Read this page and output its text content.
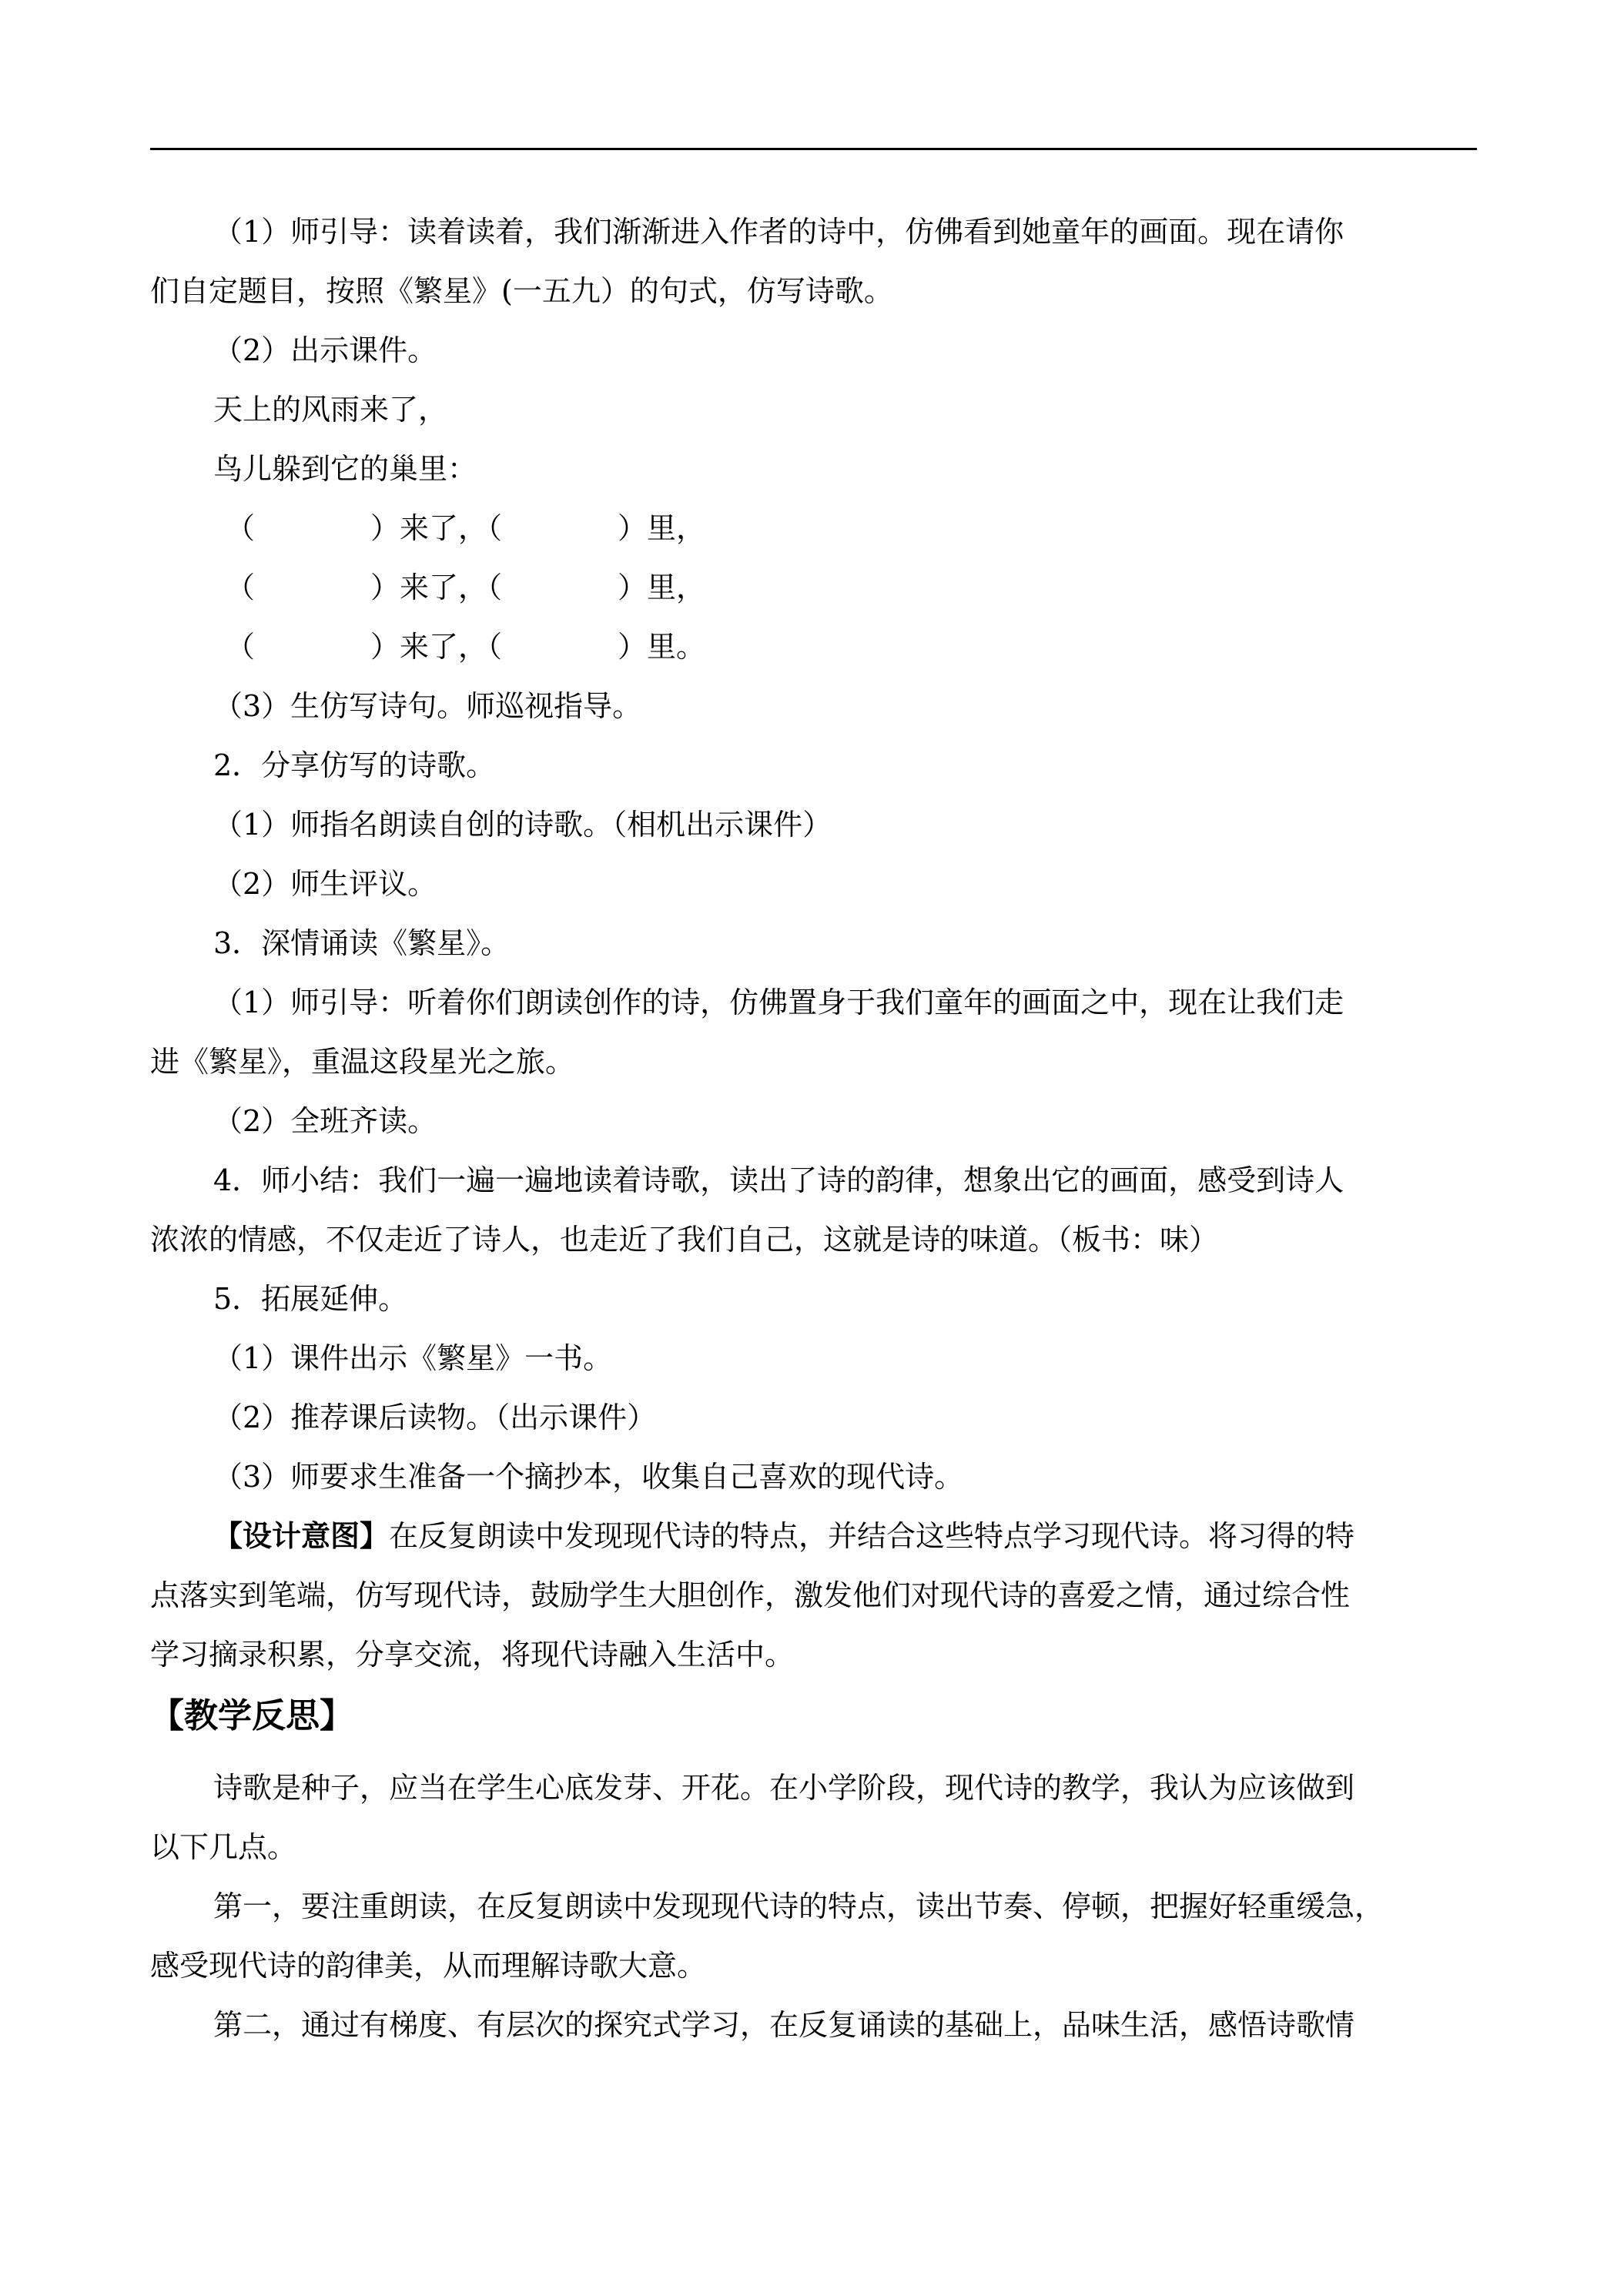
（1）师引导：读着读着，我们渐渐进入作者的诗中，仿佛看到她童年的画面。现在请你
们自定题目，按照《繁星》(一五九）的句式，仿写诗歌。
（2）出示课件。
天上的风雨来了，
鸟儿躲到它的巢里：
（	）来了，（	）里，
（	）来了，（	）里，
（	）来了，（	）里。
（3）生仿写诗句。师巡视指导。
2．分享仿写的诗歌。
（1）师指名朗读自创的诗歌。（相机出示课件）
（2）师生评议。
3．深情诵读《繁星》。
（1）师引导：听着你们朗读创作的诗，仿佛置身于我们童年的画面之中，现在让我们走
进《繁星》，重温这段星光之旅。
（2）全班齐读。
4．师小结：我们一遍一遍地读着诗歌，读出了诗的韵律，想象出它的画面，感受到诗人
浓浓的情感，不仅走近了诗人，也走近了我们自己，这就是诗的味道。（板书：味）
5．拓展延伸。
（1）课件出示《繁星》一书。
（2）推荐课后读物。（出示课件）
（3）师要求生准备一个摘抄本，收集自己喜欢的现代诗。
【设计意图】在反复朗读中发现现代诗的特点，并结合这些特点学习现代诗。将习得的特
点落实到笔端，仿写现代诗，鼓励学生大胆创作，激发他们对现代诗的喜爱之情，通过综合性
学习摘录积累，分享交流，将现代诗融入生活中。
【教学反思】
诗歌是种子，应当在学生心底发芽、开花。在小学阶段，现代诗的教学，我认为应该做到
以下几点。
第一，要注重朗读，在反复朗读中发现现代诗的特点，读出节奏、停顿，把握好轻重缓急，
感受现代诗的韵律美，从而理解诗歌大意。
第二，通过有梯度、有层次的探究式学习，在反复诵读的基础上，品味生活，感悟诗歌情
